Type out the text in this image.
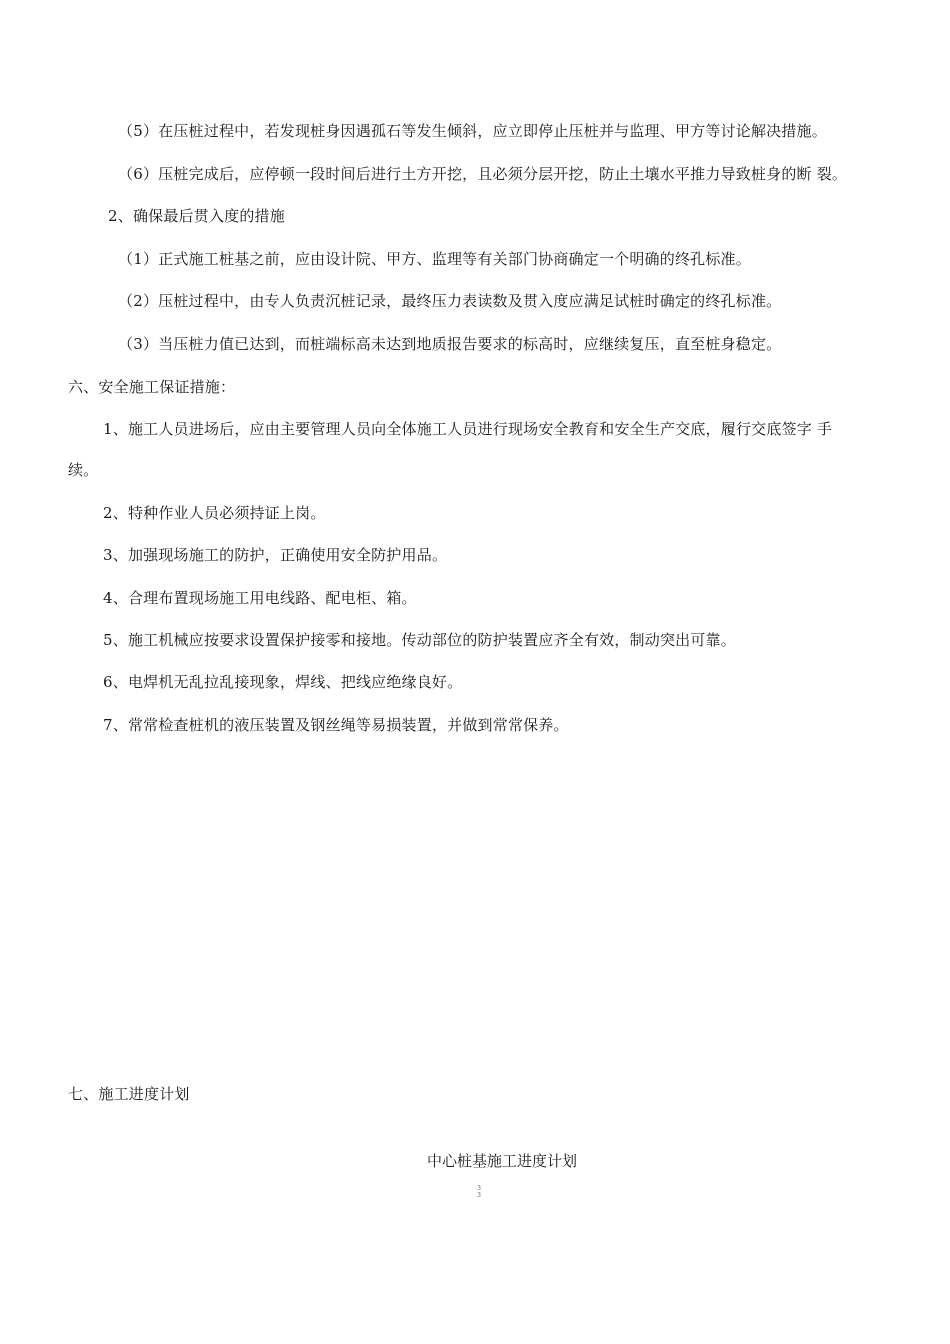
（5）在压桩过程中，若发现桩身因遇孤石等发生倾斜，应立即停止压桩并与监理、甲方等讨论解决措施。
（6）压桩完成后，应停顿一段时间后进行土方开挖，且必须分层开挖，防止土壤水平推力导致桩身的断 裂。
2、确保最后贯入度的措施
（1）正式施工桩基之前，应由设计院、甲方、监理等有关部门协商确定一个明确的终孔标准。
（2）压桩过程中，由专人负责沉桩记录，最终压力表读数及贯入度应满足试桩时确定的终孔标准。
（3）当压桩力值已达到，而桩端标高未达到地质报告要求的标高时，应继续复压，直至桩身稳定。
六、安全施工保证措施：
1、施工人员进场后，应由主要管理人员向全体施工人员进行现场安全教育和安全生产交底，履行交底签字 手
续。
2、特种作业人员必须持证上岗。
3、加强现场施工的防护，正确使用安全防护用品。
4、合理布置现场施工用电线路、配电柜、箱。
5、施工机械应按要求设置保护接零和接地。传动部位的防护装置应齐全有效，制动突出可靠。
6、电焊机无乱拉乱接现象，焊线、把线应绝缘良好。
7、常常检查桩机的液压装置及钢丝绳等易损装置，并做到常常保养。
七、施工进度计划
中心桩基施工进度计划
3
3
